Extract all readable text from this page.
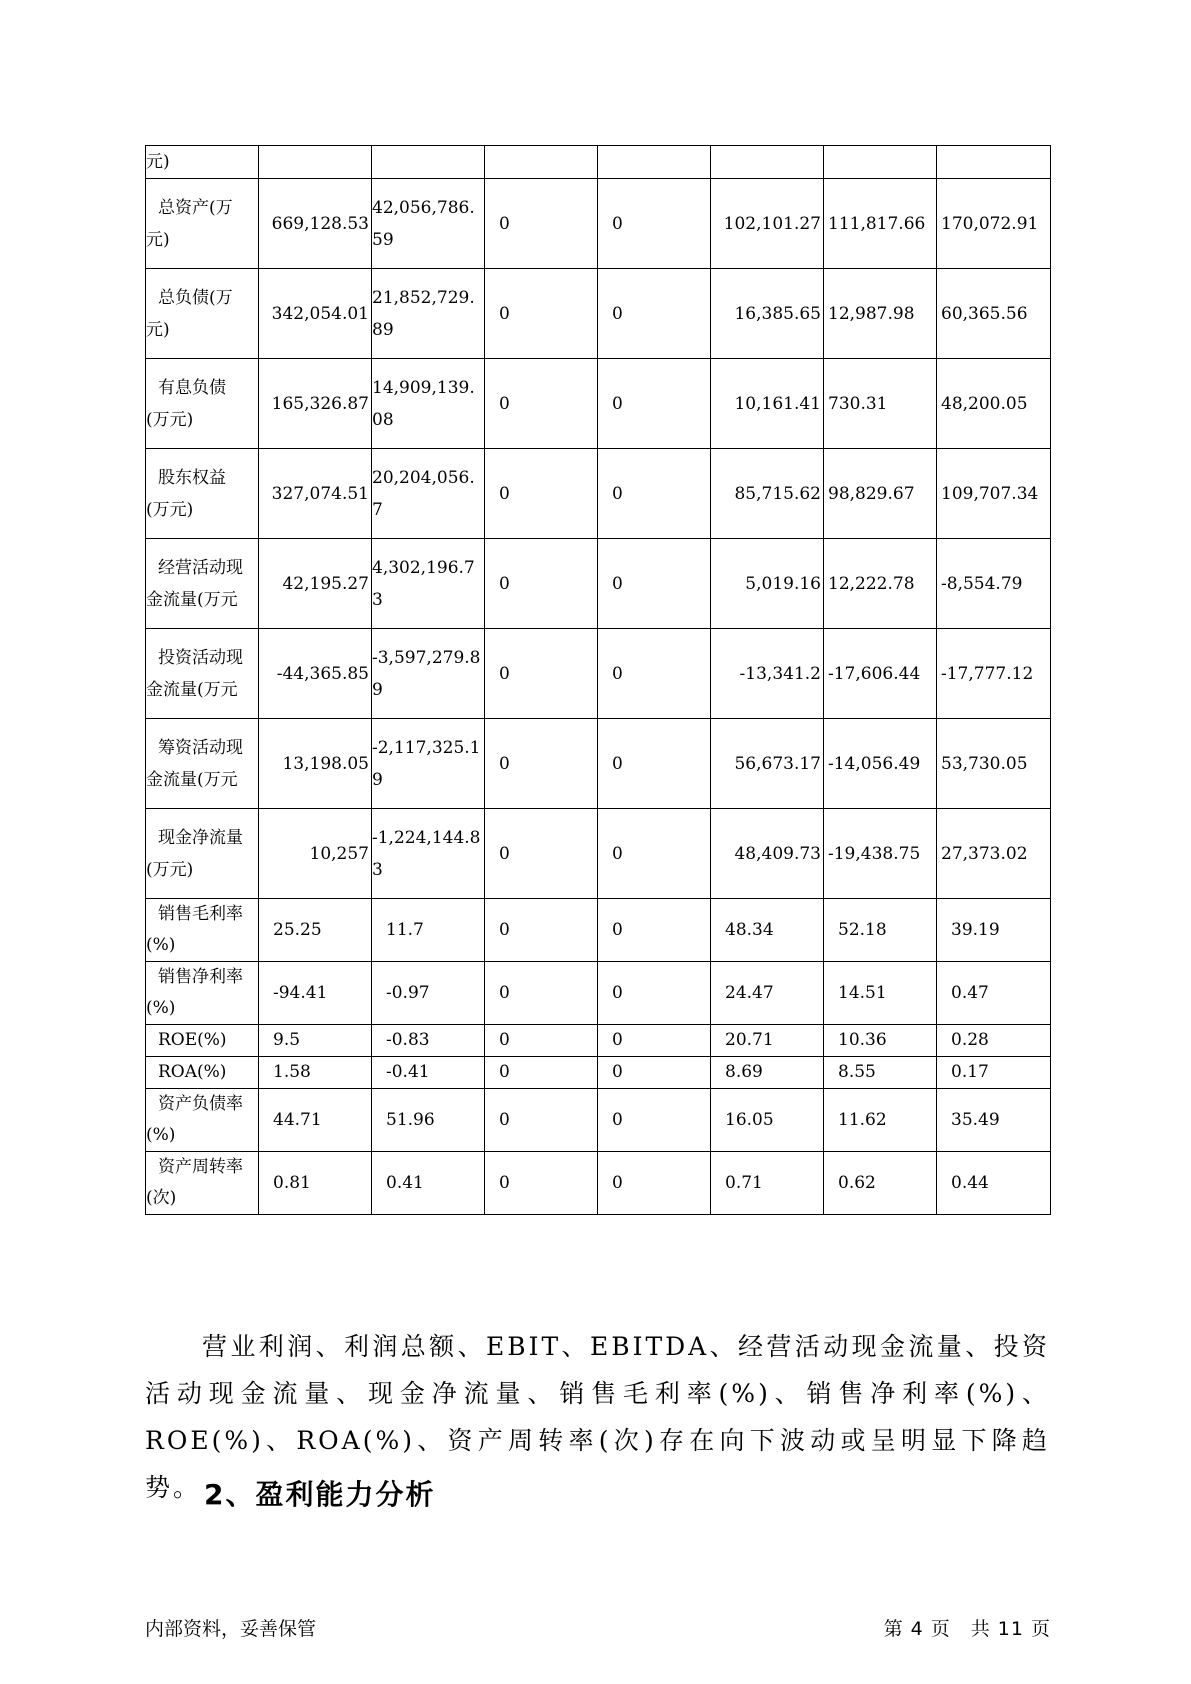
元)							

总资产(万
元)	669,128.53	42,056,786.59	0	0	102,101.27	111,817.66	170,072.91

总负债(万
元)	342,054.01	21,852,729.89	0	0	16,385.65	12,987.98	60,365.56

有息负债
(万元)	165,326.87	14,909,139.08	0	0	10,161.41	730.31	48,200.05

股东权益
(万元)	327,074.51	20,204,056.7	0	0	85,715.62	98,829.67	109,707.34

经营活动现
金流量(万元	42,195.27	4,302,196.73	0	0	5,019.16	12,222.78	-8,554.79

投资活动现
金流量(万元	-44,365.85	-3,597,279.89	0	0	-13,341.2	-17,606.44	-17,777.12

筹资活动现
金流量(万元	13,198.05	-2,117,325.19	0	0	56,673.17	-14,056.49	53,730.05

现金净流量
(万元)	10,257	-1,224,144.83	0	0	48,409.73	-19,438.75	27,373.02

销售毛利率
(%)	25.25	11.7	0	0	48.34	52.18	39.19

销售净利率
(%)	-94.41	-0.97	0	0	24.47	14.51	0.47

ROE(%)	9.5	-0.83	0	0	20.71	10.36	0.28

ROA(%)	1.58	-0.41	0	0	8.69	8.55	0.17

资产负债率
(%)	44.71	51.96	0	0	16.05	11.62	35.49

资产周转率
(次)	0.81	0.41	0	0	0.71	0.62	0.44
营业利润、利润总额、EBIT、EBITDA、经营活动现金流量、投资活动现金流量、现金净流量、销售毛利率(%)、销售净利率(%)、ROE(%)、ROA(%)、资产周转率(次)存在向下波动或呈明显下降趋势。 2、盈利能力分析
内部资料，妥善保管	第 4 页　共 11 页
